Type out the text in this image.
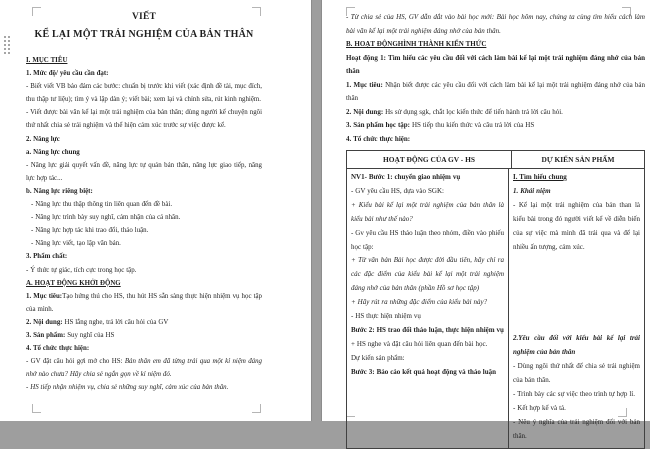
VIẾT
KỂ LẠI MỘT TRẢI NGHIỆM CỦA BẢN THÂN
I. MỤC TIÊU
1. Mức độ/ yêu cầu cần đạt:
- Biết viết VB bảo đảm các bước: chuẩn bị trước khi viết (xác định đề tài, mục đích, thu thập tư liệu); tìm ý và lập dàn ý; viết bài; xem lại và chỉnh sửa, rút kinh nghiệm.
- Viết được bài văn kể lại một trải nghiệm của bản thân; dùng người kể chuyện ngôi thứ nhất chia sẻ trải nghiệm và thể hiện cảm xúc trước sự việc được kể.
2. Năng lực
a. Năng lực chung
- Năng lực giải quyết vấn đề, năng lực tự quản bản thân, năng lực giao tiếp, năng lực hợp tác...
b. Năng lực riêng biệt:
- Năng lực thu thập thông tin liên quan đến đề bài.
- Năng lực trình bày suy nghĩ, cảm nhận của cá nhân.
- Năng lực hợp tác khi trao đổi, thảo luận.
- Năng lực viết, tạo lập văn bản.
3. Phẩm chất:
- Ý thức tự giác, tích cực trong học tập.
A. HOẠT ĐỘNG KHỞI ĐỘNG
1. Mục tiêu:Tạo hứng thú cho HS, thu hút HS sẵn sàng thực hiện nhiệm vụ học tập của mình.
2. Nội dung: HS lắng nghe, trả lời câu hỏi của GV
3. Sản phẩm: Suy nghĩ của HS
4. Tổ chức thực hiện:
- GV đặt câu hỏi gợi mở cho HS: Bản thân em đã từng trải qua một kỉ niệm đáng nhớ nào chưa? Hãy chia sẻ ngắn gọn về kỉ niệm đó.
- HS tiếp nhận nhiệm vụ, chia sẻ những suy nghĩ, cảm xúc của bản thân.
- Từ chia sẻ của HS, GV dẫn dắt vào bài học mới: Bài học hôm nay, chúng ta cùng tìm hiểu cách làm bài văn kể lại một trải nghiệm đáng nhớ của bản thân.
B. HOẠT ĐỘNGHÌNH THÀNH KIẾN THỨC
Hoạt động 1: Tìm hiểu các yêu cầu đối với cách làm bài kể lại một trải nghiệm đáng nhớ của bản thân
1. Mục tiêu: Nhận biết được các yêu cầu đối với cách làm bài kể lại một trải nghiệm đáng nhớ của bản thân
2. Nội dung: Hs sử dụng sgk, chắt lọc kiến thức để tiến hành trả lời câu hỏi.
3. Sản phẩm học tập: HS tiếp thu kiến thức và câu trả lời của HS
4. Tổ chức thực hiện:
HOẠT ĐỘNG CỦA GV - HS	DỰ KIẾN SẢN PHẨM
NV1- Bước 1: chuyển giao nhiệm vụ
- GV yêu cầu HS, dựa vào SGK:
+ Kiểu bài kể lại một trải nghiệm của bản thân là kiểu bài như thế nào?
- Gv yêu cầu HS thảo luận theo nhóm, điền vào phiếu học tập:
+ Từ văn bản Bài học được đời đầu tiên, hãy chỉ ra các đặc điểm của kiểu bài kể lại một trải nghiệm đáng nhớ của bản thân (phần Hồ sơ học tập)
+ Hãy rút ra những đặc điểm của kiểu bài này?
- HS thực hiện nhiệm vụ
Bước 2: HS trao đổi thảo luận, thực hiện nhiệm vụ
+ HS nghe và đặt câu hỏi liên quan đến bài học.
Dự kiến sản phẩm:
Bước 3: Báo cáo kết quả hoạt động và thảo luận
I. Tìm hiểu chung
1. Khái niệm
- Kể lại một trải nghiệm của bản than là kiểu bài trong đó người viết kể về diễn biến của sự việc mà mình đã trải qua và để lại nhiều ấn tượng, cảm xúc.
2.Yêu cầu đối với kiểu bài kể lại trải nghiệm của bản thân
- Dùng ngôi thứ nhất để chia sẻ trải nghiệm của bản thân.
- Trình bày các sự việc theo trình tự hợp lí.
- Kết hợp kể và tả.
- Nêu ý nghĩa của trải nghiệm đối với bản thân.
